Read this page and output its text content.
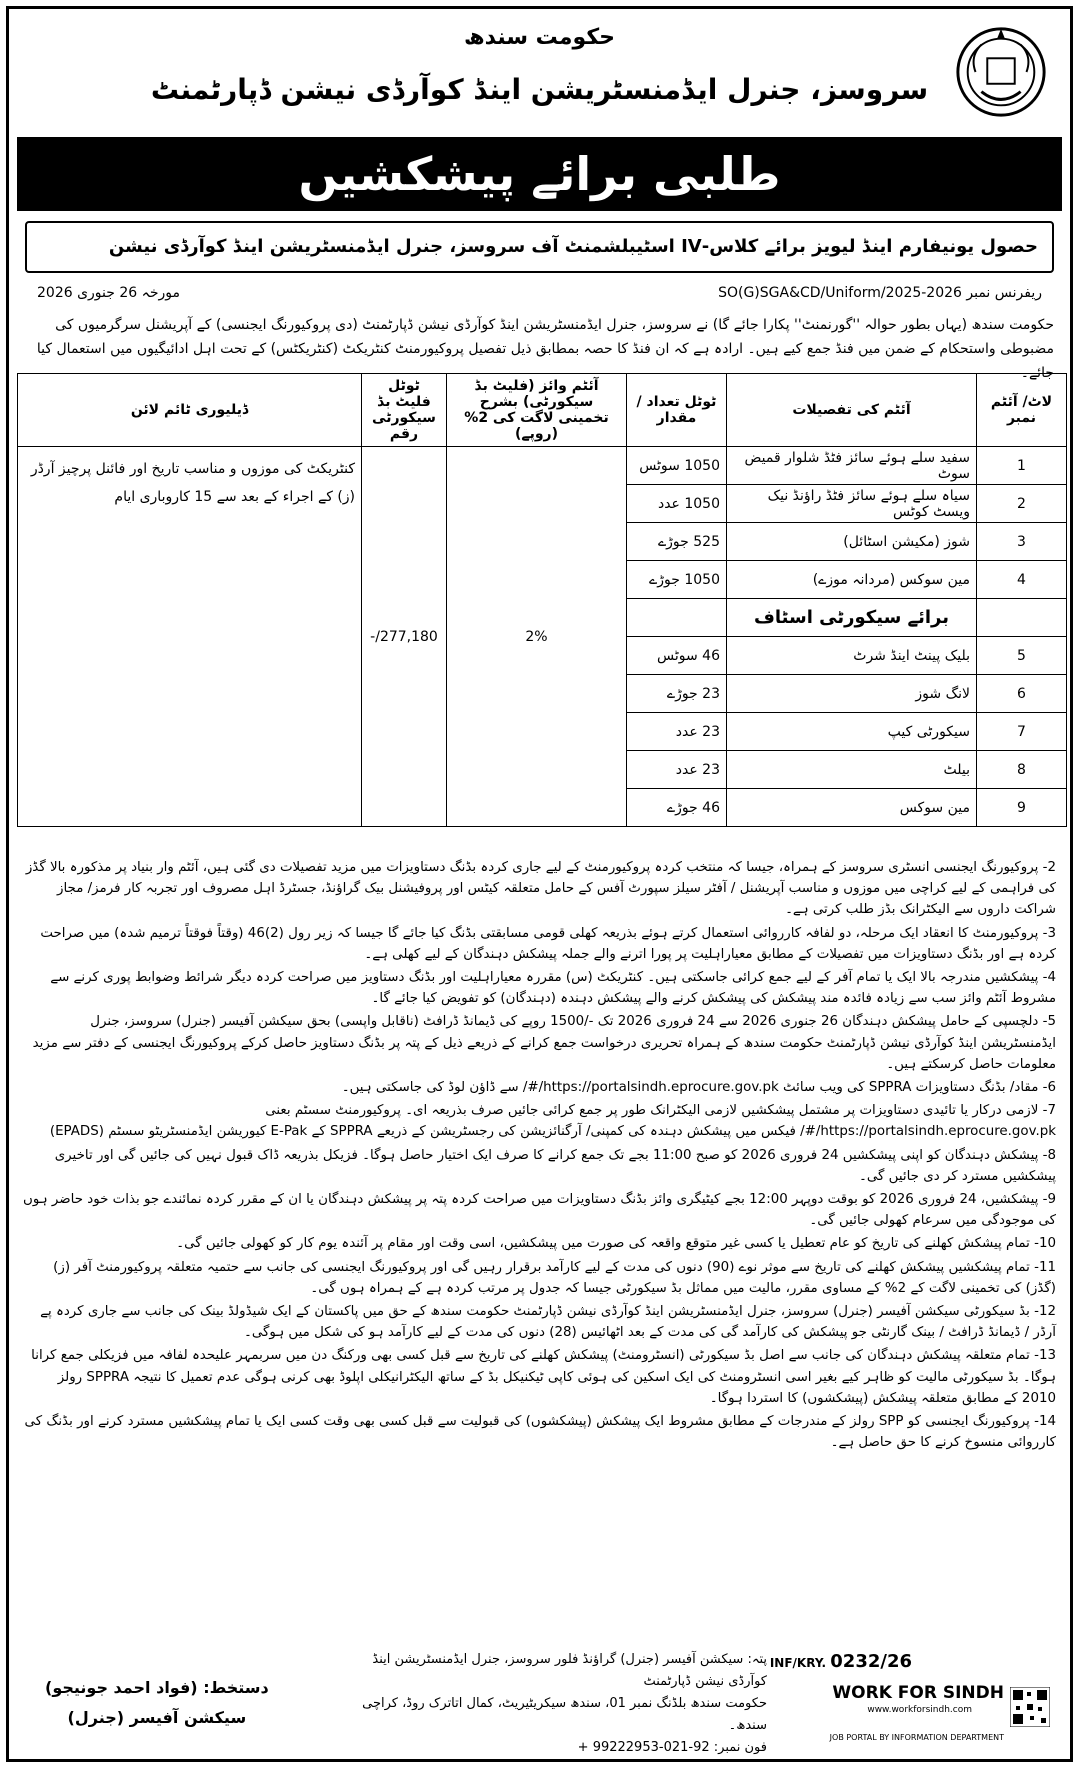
حکومت سندھ
سروسز، جنرل ایڈمنسٹریشن اینڈ کوآرڈی نیشن ڈپارٹمنٹ
طلبی برائے پیشکشیں
حصول یونیفارم اینڈ لیویز برائے کلاس-IV اسٹیبلشمنٹ آف سروسز، جنرل ایڈمنسٹریشن اینڈ کوآرڈی نیشن
ریفرنس نمبر SO(G)SGA&CD/Uniform/2025-2026
مورخہ 26 جنوری 2026
حکومت سندھ (یہاں بطور حوالہ ''گورنمنٹ'' پکارا جائے گا) نے سروسز، جنرل ایڈمنسٹریشن اینڈ کوآرڈی نیشن ڈپارٹمنٹ (دی پروکیورنگ ایجنسی) کے آپریشنل سرگرمیوں کی مضبوطی واستحکام کے ضمن میں فنڈ جمع کیے ہیں۔ ارادہ ہے کہ ان فنڈ کا حصہ بمطابق ذیل تفصیل پروکیورمنٹ کنٹریکٹ (کنٹریکٹس) کے تحت اہل ادائیگیوں میں استعمال کیا جائے۔
لاٹ/ آئٹم نمبر	آئٹم کی تفصیلات	ٹوٹل تعداد / مقدار	آئٹم وائز (فلیٹ بڈ سیکورٹی) بشرح تخمینی لاگت کی 2% (روپے)	ٹوٹل فلیٹ بڈ سیکورٹی رقم	ڈیلیوری ٹائم لائن
1	سفید سلے ہوئے سائز فٹڈ شلوار قمیض سوٹ	1050 سوٹس	2%	277,180/-	کنٹریکٹ کی موزوں و مناسب تاریخ اور فائنل پرچیز آرڈر (ز) کے اجراء کے بعد سے 15 کاروباری ایام
2	سیاہ سلے ہوئے سائز فٹڈ راؤنڈ نیک ویسٹ کوٹس	1050 عدد			
3	شوز (مکیشن اسٹائل)	525 جوڑے			
4	مین سوکس (مردانہ موزے)	1050 جوڑے			
	برائے سیکورٹی اسٹاف				
5	بلیک پینٹ اینڈ شرٹ	46 سوٹس			
6	لانگ شوز	23 جوڑے			
7	سیکورٹی کیپ	23 عدد			
8	بیلٹ	23 عدد			
9	مین سوکس	46 جوڑے			

2- پروکیورنگ ایجنسی انسٹری سروسز کے ہمراہ، جیسا کہ منتخب کردہ پروکیورمنٹ کے لیے جاری کردہ بڈنگ دستاویزات میں مزید تفصیلات دی گئی ہیں، آئٹم وار بنیاد پر مذکورہ بالا گڈز کی فراہمی کے لیے کراچی میں موزوں و مناسب آپریشنل / آفٹر سیلز سپورٹ آفس کے حامل متعلقہ کیٹس اور پروفیشنل بیک گراؤنڈ، جسٹرڈ اہل مصروف اور تجربہ کار فرمز/ مجاز شراکت داروں سے الیکٹرانک بڈز طلب کرتی ہے۔

3- پروکیورمنٹ کا انعقاد ایک مرحلہ، دو لفافہ کارروائی استعمال کرتے ہوئے بذریعہ کھلی قومی مسابقتی بڈنگ کیا جائے گا جیسا کہ زیر رول (2)46 (وقتاً فوقتاً ترمیم شدہ) میں صراحت کردہ ہے اور بڈنگ دستاویزات میں تفصیلات کے مطابق معیاراہلیت پر پورا اترنے والے جملہ پیشکش دہندگان کے لیے کھلی ہے۔

4- پیشکشیں مندرجہ بالا ایک یا تمام آفر کے لیے جمع کرائی جاسکتی ہیں۔ کنٹریکٹ (س) مقررہ معیاراہلیت اور بڈنگ دستاویز میں صراحت کردہ دیگر شرائط وضوابط پوری کرنے سے مشروط آئٹم وائز سب سے زیادہ فائدہ مند پیشکش کی پیشکش کرنے والے پیشکش دہندہ (دہندگان) کو تفویض کیا جائے گا۔

5- دلچسپی کے حامل پیشکش دہندگان 26 جنوری 2026 سے 24 فروری 2026 تک -/1500 روپے کی ڈیمانڈ ڈرافٹ (ناقابل واپسی) بحق سیکشن آفیسر (جنرل) سروسز، جنرل ایڈمنسٹریشن اینڈ کوآرڈی نیشن ڈپارٹمنٹ حکومت سندھ کے ہمراہ تحریری درخواست جمع کرانے کے ذریعے ذیل کے پتہ پر بڈنگ دستاویز حاصل کرکے پروکیورنگ ایجنسی کے دفتر سے مزید معلومات حاصل کرسکتے ہیں۔

6- مقاد/ بڈنگ دستاویزات SPPRA کی ویب سائٹ https://portalsindh.eprocure.gov.pk/#/ سے ڈاؤن لوڈ کی جاسکتی ہیں۔

7- لازمی درکار یا تائیدی دستاویزات پر مشتمل پیشکشیں لازمی الیکٹرانک طور پر جمع کرائی جائیں صرف بذریعہ ای۔ پروکیورمنٹ سسٹم بعنی https://portalsindh.eprocure.gov.pk/#/ فیکس میں پیشکش دہندہ کی کمپنی/ آرگنائزیشن کی رجسٹریشن کے ذریعے SPPRA کے E-Pak کیوریشن ایڈمنسٹریٹو سسٹم (EPADS)

8- پیشکش دہندگان کو اپنی پیشکشیں 24 فروری 2026 کو صبح 11:00 بجے تک جمع کرانے کا صرف ایک اختیار حاصل ہوگا۔ فزیکل بذریعہ ڈاک قبول نہیں کی جائیں گی اور تاخیری پیشکشیں مسترد کر دی جائیں گی۔

9- پیشکشیں، 24 فروری 2026 کو بوقت دوپہر 12:00 بجے کیٹیگری وائز بڈنگ دستاویزات میں صراحت کردہ پتہ پر پیشکش دہندگان یا ان کے مقرر کردہ نمائندے جو بذات خود حاضر ہوں کی موجودگی میں سرعام کھولی جائیں گی۔

10- تمام پیشکش کھلنے کی تاریخ کو عام تعطیل یا کسی غیر متوقع واقعہ کی صورت میں پیشکشیں، اسی وقت اور مقام پر آئندہ یوم کار کو کھولی جائیں گی۔

11- تمام پیشکشیں پیشکش کھلنے کی تاریخ سے موثر نوے (90) دنوں کی مدت کے لیے کارآمد برقرار رہیں گی اور پروکیورنگ ایجنسی کی جانب سے حتمیہ متعلقہ پروکیورمنٹ آفر (ز) (گڈز) کی تخمینی لاگت کے 2% کے مساوی مقرر، مالیت میں مماثل بڈ سیکورٹی جیسا کہ جدول پر مرتب کردہ ہے کے ہمراہ ہوں گی۔

12- بڈ سیکورٹی سیکشن آفیسر (جنرل) سروسز، جنرل ایڈمنسٹریشن اینڈ کوآرڈی نیشن ڈپارٹمنٹ حکومت سندھ کے حق میں پاکستان کے ایک شیڈولڈ بینک کی جانب سے جاری کردہ پے آرڈر / ڈیمانڈ ڈرافٹ / بینک گارنٹی جو پیشکش کی کارآمد گی کی مدت کے بعد اٹھائیس (28) دنوں کی مدت کے لیے کارآمد ہو کی شکل میں ہوگی۔

13- تمام متعلقہ پیشکش دہندگان کی جانب سے اصل بڈ سیکورٹی (انسٹرومنٹ) پیشکش کھلنے کی تاریخ سے قبل کسی بھی ورکنگ دن میں سربمہر علیحدہ لفافہ میں فزیکلی جمع کرانا ہوگا۔ بڈ سیکورٹی مالیت کو ظاہر کیے بغیر اسی انسٹرومنٹ کی ایک اسکین کی ہوئی کاپی ٹیکنیکل بڈ کے ساتھ الیکٹرانیکلی اپلوڈ بھی کرنی ہوگی عدم تعمیل کا نتیجہ SPPRA رولز 2010 کے مطابق متعلقہ پیشکش (پیشکشوں) کا استردا ہوگا۔

14- پروکیورنگ ایجنسی کو SPP رولز کے مندرجات کے مطابق مشروط ایک پیشکش (پیشکشوں) کی قبولیت سے قبل کسی بھی وقت کسی ایک یا تمام پیشکشیں مسترد کرنے اور بڈنگ کی کارروائی منسوخ کرنے کا حق حاصل ہے۔

دستخط: (فواد احمد جونیجو)
سیکشن آفیسر (جنرل)
پتہ: سیکشن آفیسر (جنرل) گراؤنڈ فلور سروسز، جنرل ایڈمنسٹریشن اینڈ کوآرڈی نیشن ڈپارٹمنٹ
حکومت سندھ بلڈنگ نمبر 01، سندھ سیکریٹیریٹ، کمال اتاترک روڈ، کراچی سندھ۔
فون نمبر: 92-021-99222953 +
INF/KRY. 0232/26
WORK FOR SINDH
www.workforsindh.com
JOB PORTAL BY INFORMATION DEPARTMENT
